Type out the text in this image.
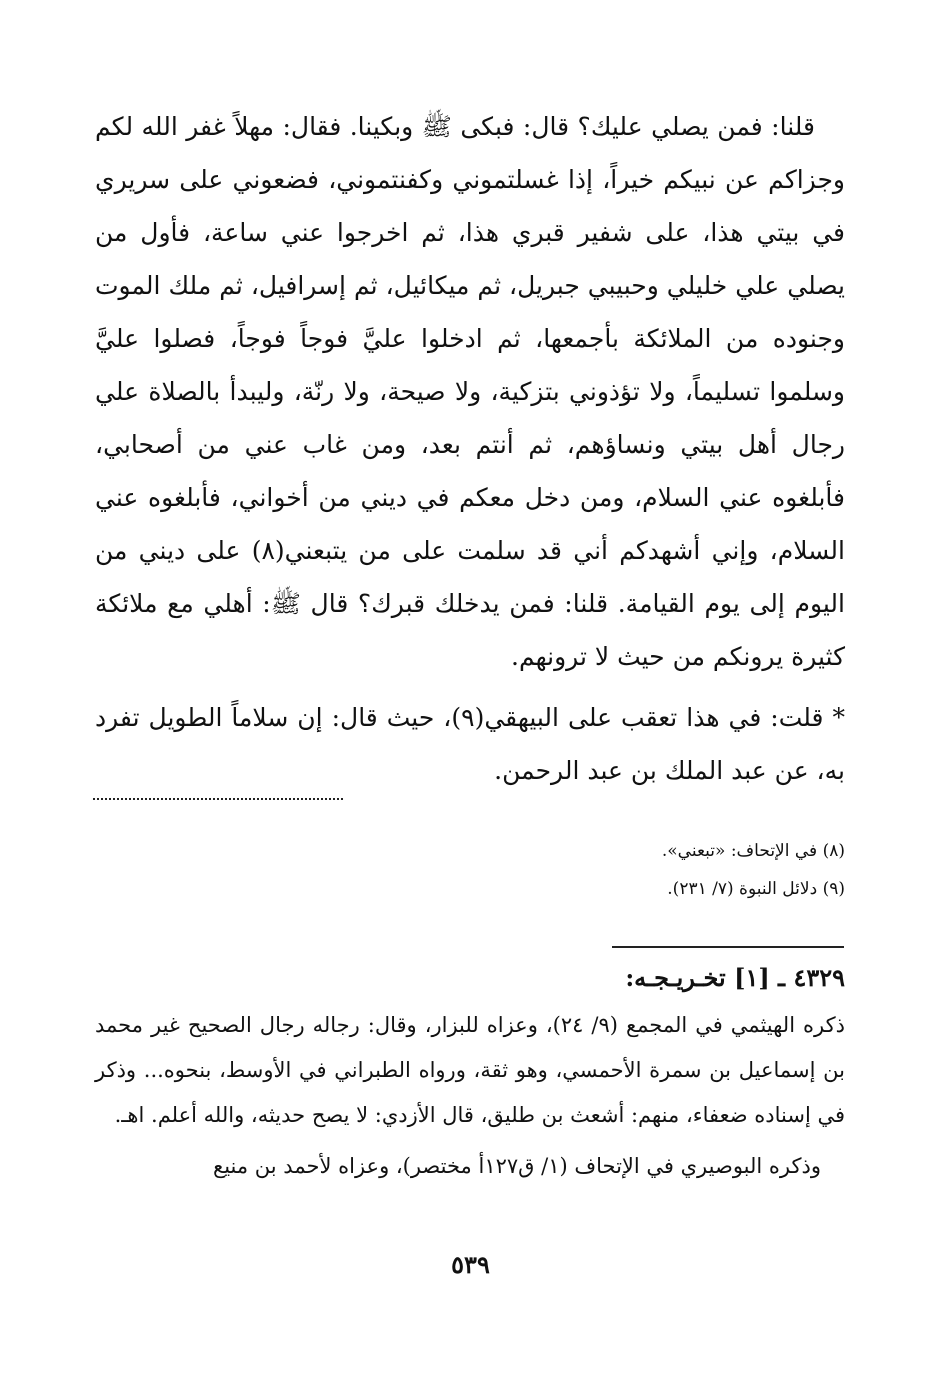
قلنا: فمن يصلي عليك؟ قال: فبكى ﷺ وبكينا. فقال: مهلاً غفر الله لكم وجزاكم عن نبيكم خيراً، إذا غسلتموني وكفنتموني، فضعوني على سريري في بيتي هذا، على شفير قبري هذا، ثم اخرجوا عني ساعة، فأول من يصلي علي خليلي وحبيبي جبريل، ثم ميكائيل، ثم إسرافيل، ثم ملك الموت وجنوده من الملائكة بأجمعها، ثم ادخلوا عليَّ فوجاً فوجاً، فصلوا عليَّ وسلموا تسليماً، ولا تؤذوني بتزكية، ولا صيحة، ولا رنّة، وليبدأ بالصلاة علي رجال أهل بيتي ونساؤهم، ثم أنتم بعد، ومن غاب عني من أصحابي، فأبلغوه عني السلام، ومن دخل معكم في ديني من أخواني، فأبلغوه عني السلام، وإني أشهدكم أني قد سلمت على من يتبعني(٨) على ديني من اليوم إلى يوم القيامة. قلنا: فمن يدخلك قبرك؟ قال ﷺ: أهلي مع ملائكة كثيرة يرونكم من حيث لا ترونهم.

* قلت: في هذا تعقب على البيهقي(٩)، حيث قال: إن سلاماً الطويل تفرد به، عن عبد الملك بن عبد الرحمن.

(٨) في الإتحاف: «تبعني».
(٩) دلائل النبوة (٧/ ٢٣١).
٤٣٢٩ ـ [١] تخـريـجـه:

ذكره الهيثمي في المجمع (٩/ ٢٤)، وعزاه للبزار، وقال: رجاله رجال الصحيح غير محمد بن إسماعيل بن سمرة الأحمسي، وهو ثقة، ورواه الطبراني في الأوسط، بنحوه... وذكر في إسناده ضعفاء، منهم: أشعث بن طليق، قال الأزدي: لا يصح حديثه، والله أعلم. اهـ.

وذكره البوصيري في الإتحاف (١/ ق١٢٧أ مختصر)، وعزاه لأحمد بن منيع

٥٣٩
